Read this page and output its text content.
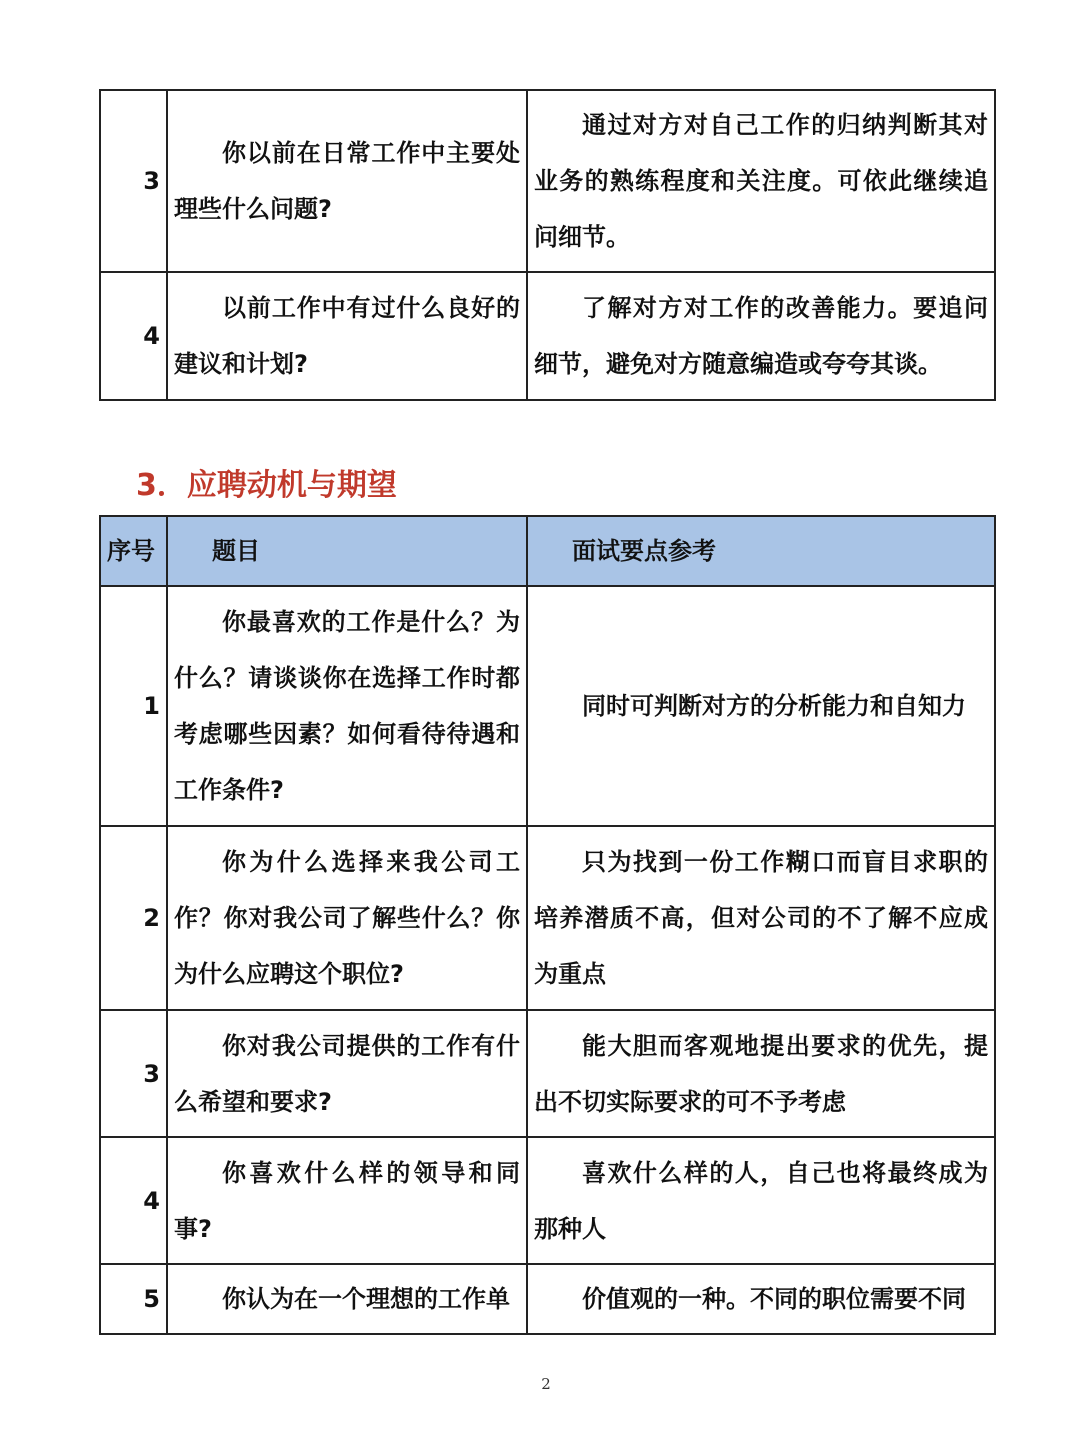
3	你以前在日常工作中主要处理些什么问题?	通过对方对自己工作的归纳判断其对业务的熟练程度和关注度。可依此继续追问细节。
4	以前工作中有过什么良好的建议和计划?	了解对方对工作的改善能力。要追问细节，避免对方随意编造或夸夸其谈。
3．应聘动机与期望
序号	题目	面试要点参考
1	你最喜欢的工作是什么？为什么？请谈谈你在选择工作时都考虑哪些因素？如何看待待遇和工作条件?	同时可判断对方的分析能力和自知力
2	你为什么选择来我公司工作？你对我公司了解些什么？你为什么应聘这个职位?	只为找到一份工作糊口而盲目求职的培养潜质不高，但对公司的不了解不应成为重点
3	你对我公司提供的工作有什么希望和要求?	能大胆而客观地提出要求的优先，提出不切实际要求的可不予考虑
4	你喜欢什么样的领导和同事?	喜欢什么样的人，自己也将最终成为那种人
5	你认为在一个理想的工作单	价值观的一种。不同的职位需要不同
2
